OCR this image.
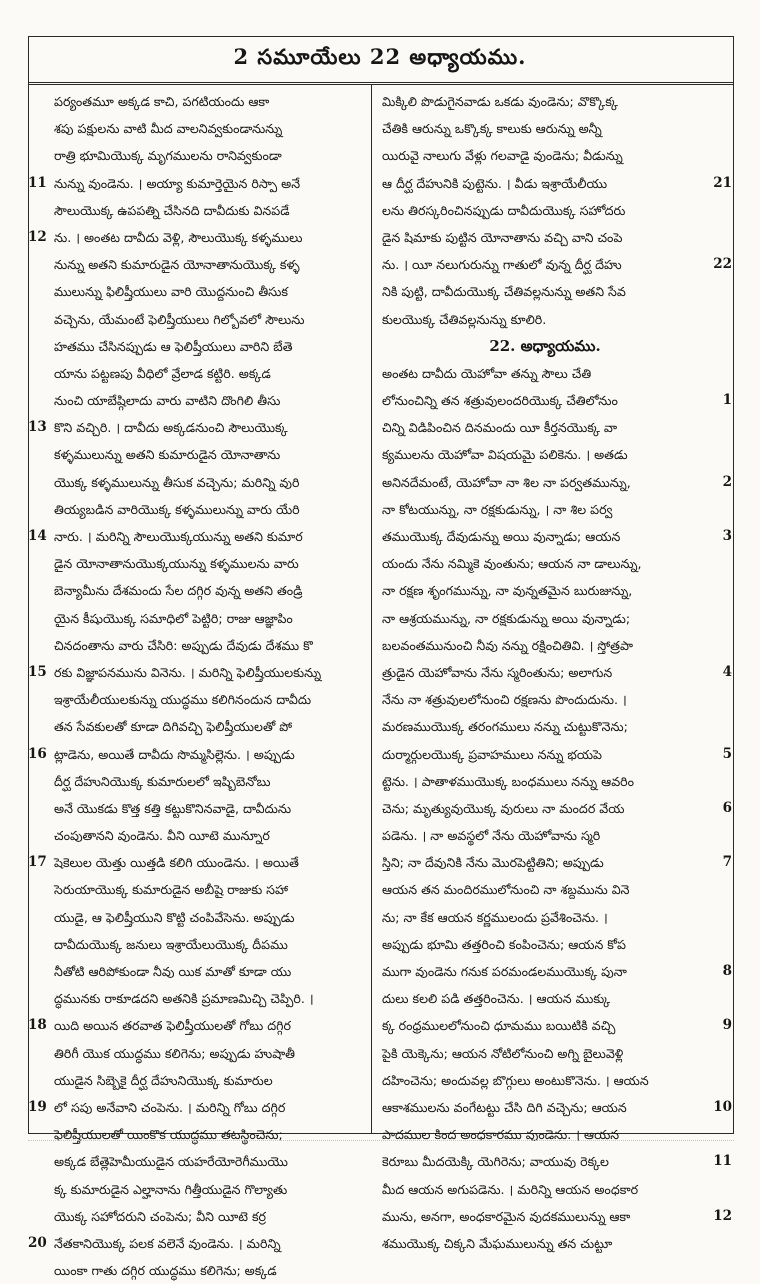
2 సమూయేలు 22 అధ్యాయము.
పర్యంతమూ అక్కడ కాచి, పగటియందు ఆకా
శపు పక్షులను వాటి మీద వాలనివ్వకుండానున్ను
రాత్రి భూమియొక్క మృగములను రానివ్వకుండా
11 నున్ను వుండెను. । అయ్యా కుమార్తెయైన రిస్పా అనే
సౌలుయొక్క ఉపపత్ని చేసినది దావీదుకు వినపడే
12 ను. । అంతట దావీదు వెళ్లి, సౌలుయొక్క కళ్ళములు
నున్ను అతని కుమారుడైన యోనాతానుయొక్క కళ్ళ
ములున్ను ఫిలిష్తీయులు వారి యొద్దనుంచి తీసుక
వచ్చెను, యేమంటే ఫెలిష్తీయులు గిల్బోవలో సౌలును
హతము చేసినప్పుడు ఆ ఫెలిష్తీయులు వారిని బేతె
యాను పట్టణపు వీధిలో వ్రేలాడ కట్టిరి. అక్కడ
నుంచి యాబేష్గిలాదు వారు వాటిని దొంగిలి తీసు
13 కొని వచ్చిరి. । దావీదు అక్కడనుంచి సౌలుయొక్క
కళ్ళములున్ను అతని కుమారుడైన యోనాతాను
యొక్క కళ్ళములున్ను తీసుక వచ్చెను; మరిన్ని వురి
తియ్యబడిన వారియొక్క కళ్ళములున్ను వారు యేరి
14 నారు. । మరిన్ని సౌలుయొక్కయున్ను అతని కుమార
డైన యోనాతానుయొక్కయున్ను కళ్ళములను వారు
బెన్యామీను దేశమందు సేల దగ్గిర వున్న అతని తండ్రి
యైన కీషుయొక్క సమాధిలో పెట్టిరి; రాజు ఆజ్ఞాపిం
చినదంతాను వారు చేసిరి: అప్పుడు దేవుడు దేశము కొ
15 రకు విజ్ఞాపనమును వినెను. । మరిన్ని ఫెలిష్తీయులకున్ను
ఇశ్రాయేలీయులకున్ను యుద్ధము కలిగినందున దావీదు
తన సేవకులతో కూడా దిగివచ్చి ఫెలిష్తీయులతో పో
16 ట్లాడెను, అయితే దావీదు సొమ్మసిల్లెను. । అప్పుడు
దీర్ఘ దేహునియొక్క కుమారులలో ఇష్బిబెనోబు
అనే యొకడు కొత్త కత్తి కట్టుకొనినవాడై, దావీదును
చంపుతానని వుండెను. వీని యీటె మున్నూర
17 షెకెలుల యెత్తు యిత్తడి కలిగి యుండెను. । అయితే
సెరుయాయొక్క కుమారుడైన అబీషై రాజుకు సహా
యుడై, ఆ ఫెలిష్తీయుని కొట్టి చంపివేసెను. అప్పుడు
దావీదుయొక్క జనులు ఇశ్రాయేలుయొక్క దీపము
నీతోటి ఆరిపోకుండా నీవు యిక మాతో కూడా యు
ద్ధమునకు రాకూడదని అతనికి ప్రమాణమిచ్చి చెప్పిరి. ।
18 యిది అయిన తరవాత ఫెలిష్తీయులతో గోబు దగ్గిర
తిరిగీ యొక యుద్ధము కలిగెను; అప్పుడు హుషాతీ
యుడైన సిబ్బెకై దీర్ఘ దేహునియొక్క కుమారుల
19 లో సపు అనేవాని చంపెను. । మరిన్ని గోబు దగ్గిర
ఫెలిష్తీయులతో యింకొక యుద్ధము తటస్థించెను;
అక్కడ బేత్లెహెమీయుడైన యహరేయోరెగీముయొ
క్క కుమారుడైన ఎల్హానాను గిత్తీయుడైన గొల్యాతు
యొక్క సహోదరుని చంపెను; వీని యీటె కర్ర
20 నేతకానియొక్క పలక వలెనే వుండెను. । మరిన్ని
యింకా గాతు దగ్గిర యుద్ధము కలిగెను; అక్కడ
మిక్కిలి పొడుగైనవాడు ఒకడు వుండెను; వొక్కొక్క
చేతికి ఆరున్ను ఒక్కొక్క కాలుకు ఆరున్ను అన్నీ
యిరువై నాలుగు వేళ్లు గలవాడై వుండెను; వీడున్ను
21
ఆ దీర్ఘ దేహునికి పుట్టెను. । వీడు ఇశ్రాయేలీయు
లను తిరస్కరించినప్పుడు దావీదుయొక్క సహోదరు
డైన షిమాకు పుట్టిన యోనాతాను వచ్చి వాని చంపె
22
ను. । యీ నలుగురున్ను గాతులో వున్న దీర్ఘ దేహు
నికి పుట్టి, దావీదుయొక్క చేతివల్లనున్ను అతని సేవ
కులయొక్క చేతివల్లనున్ను కూలిరి.
22. అధ్యాయము.
అంతట దావీదు యెహోవా తన్ను సౌలు చేతి
1
లోనుంచిన్ని తన శత్రువులందరియొక్క చేతిలోనుం
చిన్ని విడిపించిన దినమందు యీ కీర్తనయొక్క వా
క్యములను యెహోవా విషయమై పలికెను. । అతడు
2
అనినదేమంటే, యెహోవా నా శిల నా పర్వతమున్ను,
నా కోటయున్ను, నా రక్షకుడున్ను, । నా శిల పర్వ
3
తముయొక్క దేవుడున్ను అయి వున్నాడు; ఆయన
యందు నేను నమ్మికె వుంతును; ఆయన నా డాలున్ను,
నా రక్షణ శృంగమున్ను, నా వున్నతమైన బురుజున్ను,
నా ఆశ్రయమున్ను, నా రక్షకుడున్ను అయి వున్నాడు;
బలవంతమునుంచి నీవు నన్ను రక్షించితివి. । స్తోత్రపా
4
త్రుడైన యెహోవాను నేను స్మరింతును; అలాగున
నేను నా శత్రువులలోనుంచి రక్షణను పొందుదును. ।
మరణముయొక్క తరంగములు నన్ను చుట్టుకొనెను;
5
దుర్మార్గులయొక్క ప్రవాహములు నన్ను భయపె
ట్టెను. । పాతాళముయొక్క బంధములు నన్ను ఆవరిం
6
చెను; మృత్యువుయొక్క వురులు నా మందర వేయ
పడెను. । నా అవస్థలో నేను యెహోవాను స్మరి
7
స్తిని; నా దేవునికి నేను మొరపెట్టితిని; అప్పుడు
ఆయన తన మందిరములోనుంచి నా శబ్దమును వినె
ను; నా కేక ఆయన కర్ణములందు ప్రవేశించెను. ।
అప్పుడు భూమి తత్తరించి కంపించెను; ఆయన కోప
8
ముగా వుండెను గనుక పరమండలముయొక్క పునా
దులు కలలి పడి తత్తరించెను. । ఆయన ముక్కు
9
క్క రంధ్రములలోనుంచి ధూమము బయిటికి వచ్చి
పైకి యెక్కెను; ఆయన నోటిలోనుంచి అగ్ని బైలువెళ్లి
దహించెను; అందువల్ల బొగ్గులు అంటుకొనెను. । ఆయన
10
ఆకాశములను వంగేటట్టు చేసి దిగి వచ్చెను; ఆయన
పాదముల కింద అంధకారము వుండెను. । ఆయన
11
కెరూబు మీదయెక్కి యెగిరెను; వాయువు రెక్కల
మీద ఆయన అగుపడెను. । మరిన్ని ఆయన అంధకార
12
మును, అనగా, అంధకారమైన వుదకములున్ను ఆకా
శముయొక్క చిక్కని మేఘములున్ను తన చుట్టూ
